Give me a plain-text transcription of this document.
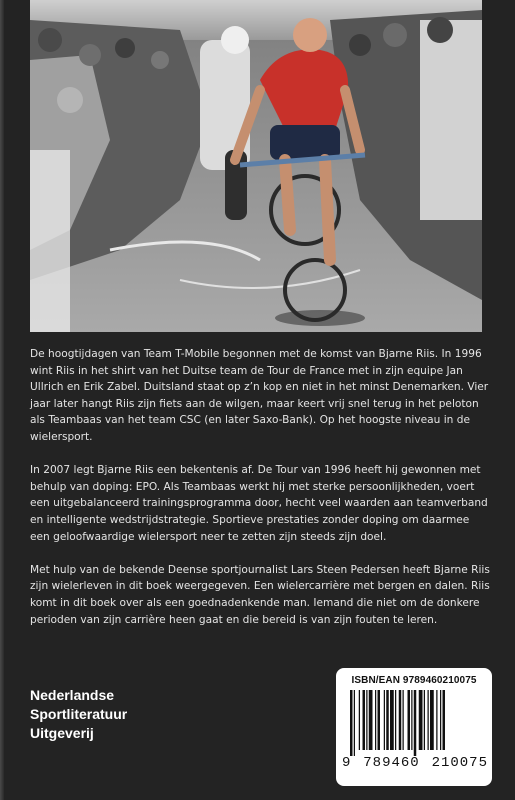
De hoogtijdagen van Team T-Mobile begonnen met de komst van Bjarne Riis. In 1996 wint Riis in het shirt van het Duitse team de Tour de France met in zijn equipe Jan Ullrich en Erik Zabel. Duitsland staat op z’n kop en niet in het minst Denemarken. Vier jaar later hangt Riis zijn fiets aan de wilgen, maar keert vrij snel terug in het peloton als Teambaas van het team CSC (en later Saxo-Bank). Op het hoogste niveau in de wielersport.

In 2007 legt Bjarne Riis een bekentenis af. De Tour van 1996 heeft hij gewonnen met behulp van doping: EPO. Als Teambaas werkt hij met sterke persoonlijkheden, voert een uitgebalanceerd trainingsprogramma door, hecht veel waarden aan teamverband en intelligente wedstrijdstrategie. Sportieve prestaties zonder doping om daarmee een geloofwaardige wielersport neer te zetten zijn steeds zijn doel.

Met hulp van de bekende Deense sportjournalist Lars Steen Pedersen heeft Bjarne Riis zijn wielerleven in dit boek weergegeven. Een wielercarrière met bergen en dalen. Riis komt in dit boek over als een goednadenkende man. Iemand die niet om de donkere perioden van zijn carrière heen gaat en die bereid is van zijn fouten te leren.

Nederlandse
Sportliteratuur
Uitgeverij
ISBN/EAN 9789460210075
9 789460 210075
